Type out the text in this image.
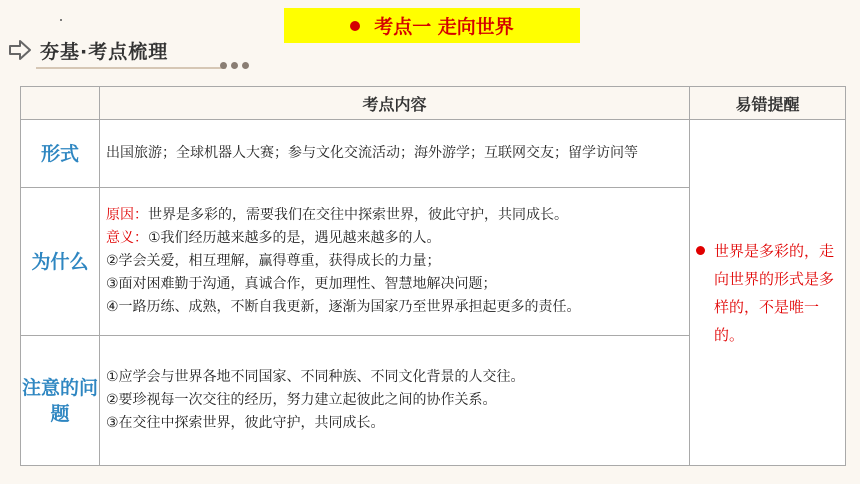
考点一 走向世界
夯基·考点梳理
	考点内容	易错提醒
形式	出国旅游；全球机器人大赛；参与文化交流活动；海外游学；互联网交友；留学访问等	世界是多彩的，走向世界的形式是多样的，不是唯一的。

为什么	原因：世界是多彩的，需要我们在交往中探索世界，彼此守护，共同成长。

意义：①我们经历越来越多的是，遇见越来越多的人。

②学会关爱，相互理解，赢得尊重，获得成长的力量；

③面对困难勤于沟通，真诚合作，更加理性、智慧地解决问题；

④一路历练、成熟，不断自我更新，逐渐为国家乃至世界承担起更多的责任。	

注意的问题	①应学会与世界各地不同国家、不同种族、不同文化背景的人交往。

②要珍视每一次交往的经历，努力建立起彼此之间的协作关系。

③在交往中探索世界，彼此守护，共同成长。	
